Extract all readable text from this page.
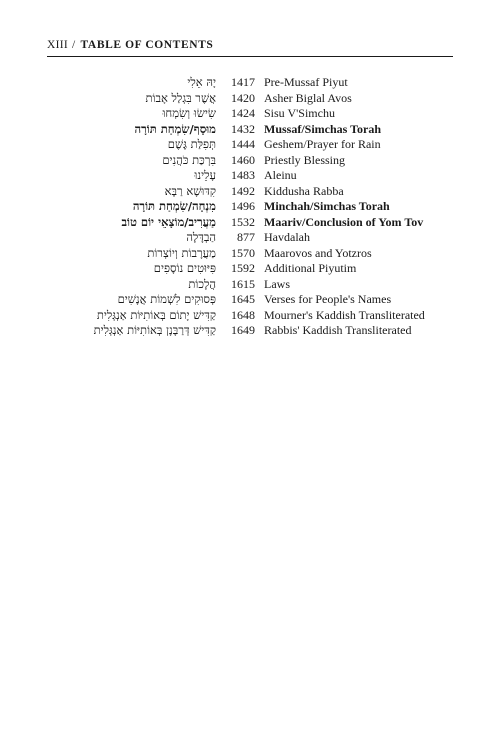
XIII / TABLE OF CONTENTS
יָהּ אֵלִי	1417 Pre-Mussaf Piyut
אֲשֶׁר בִּגְלַל אָבוֹת	1420 Asher Biglal Avos
שִׂישׂוּ וְשִׂמְחוּ	1424 Sisu V'Simchu
מוּסָף/שִׂמְחַת תּוֹרָה	1432 Mussaf/Simchas Torah
תְּפִלַּת גֶּשֶׁם	1444 Geshem/Prayer for Rain
בִּרְכַּת כֹּהֲנִים	1460 Priestly Blessing
עָלֵינוּ	1483 Aleinu
קִדּוּשָׁא רַבָּא	1492 Kiddusha Rabba
מִנְחָה/שִׂמְחַת תּוֹרָה	1496 Minchah/Simchas Torah
מַעֲרִיב/מוֹצָאֵי יוֹם טוֹב	1532 Maariv/Conclusion of Yom Tov
הַבְדָּלָה	877 Havdalah
מַעֲרָבוֹת וְיוֹצְרוֹת	1570 Maarovos and Yotzros
פִּיּוּטִים נוֹסָפִים	1592 Additional Piyutim
הֲלָכוֹת	1615 Laws
פְּסוּקִים לִשְׁמוֹת אֲנָשִׁים	1645 Verses for People's Names
קַדִּישׁ יָתוֹם בְּאוֹתִיּוֹת אַנְגְּלִית	1648 Mourner's Kaddish Transliterated
קַדִּישׁ דְּרַבָּנָן בְּאוֹתִיּוֹת אַנְגְּלִית	1649 Rabbis' Kaddish Transliterated
